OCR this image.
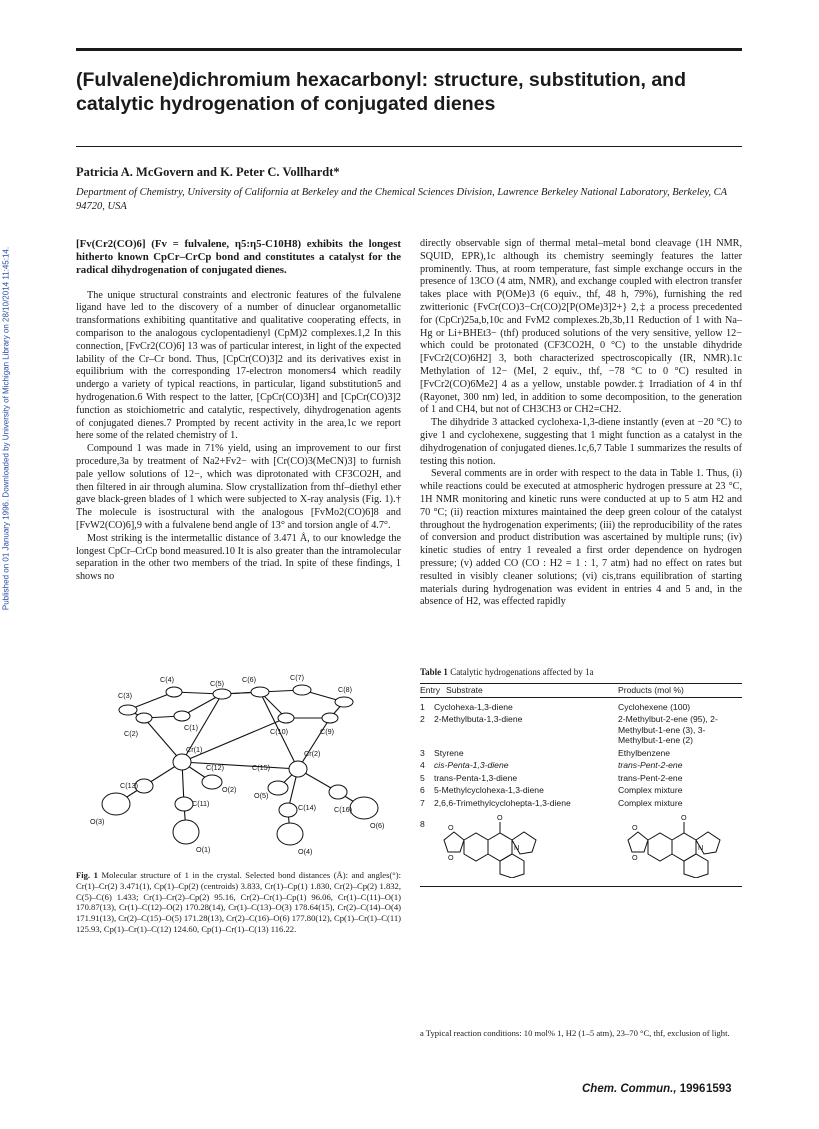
(Fulvalene)dichromium hexacarbonyl: structure, substitution, and catalytic hydrogenation of conjugated dienes
Patricia A. McGovern and K. Peter C. Vollhardt*
Department of Chemistry, University of California at Berkeley and the Chemical Sciences Division, Lawrence Berkeley National Laboratory, Berkeley, CA 94720, USA
Published on 01 January 1996. Downloaded by University of Michigan Library on 28/10/2014 11:45:14.

[Fv(Cr2(CO)6] (Fv = fulvalene, η5:η5-C10H8) exhibits the longest hitherto known CpCr–CrCp bond and constitutes a catalyst for the radical dihydrogenation of conjugated dienes.

The unique structural constraints and electronic features of the fulvalene ligand have led to the discovery of a number of dinuclear organometallic transformations exhibiting quantitative and qualitative cooperating effects, in comparison to the analogous cyclopentadienyl (CpM)2 complexes.1,2 In this connection, [FvCr2(CO)6] 13 was of particular interest, in light of the expected lability of the Cr–Cr bond. Thus, [CpCr(CO)3]2 and its derivatives exist in equilibrium with the corresponding 17-electron monomers4 which readily undergo a variety of typical reactions, in particular, ligand substitution5 and hydrogenation.6 With respect to the latter, [CpCr(CO)3H] and [CpCr(CO)3]2 function as stoichiometric and catalytic, respectively, dihydrogenation agents of conjugated dienes.7 Prompted by recent activity in the area,1c we report here some of the related chemistry of 1.

Compound 1 was made in 71% yield, using an improvement to our first procedure,3a by treatment of Na2+Fv2− with [Cr(CO)3(MeCN)3] to furnish pale yellow solutions of 12−, which was diprotonated with CF3CO2H, and then filtered in air through alumina. Slow crystallization from thf–diethyl ether gave black-green blades of 1 which were subjected to X-ray analysis (Fig. 1).† The molecule is isostructural with the analogous [FvMo2(CO)6]8 and [FvW2(CO)6],9 with a fulvalene bend angle of 13° and torsion angle of 4.7°.

Most striking is the intermetallic distance of 3.471 Å, to our knowledge the longest CpCr–CrCp bond measured.10 It is also greater than the intramolecular separation in the other two members of the triad. In spite of these findings, 1 shows no

C(3)
C(4)	C(5)	C(6)	C(7)
C(8)
C(2)
C(1)	C(10)	C(9)
Cr(1)	Cr(2)
C(12)	C(15)
O(2)
O(5)
C(16)
C(13)
C(11)	C(14)
O(6)
O(3)
O(1)	O(4)
Fig. 1 Molecular structure of 1 in the crystal. Selected bond distances (Å): and angles(°): Cr(1)–Cr(2) 3.471(1), Cp(1)–Cp(2) (centroids) 3.833, Cr(1)–Cp(1) 1.830, Cr(2)–Cp(2) 1.832, C(5)–C(6) 1.433; Cr(1)–Cr(2)–Cp(2) 95.16, Cr(2)–Cr(1)–Cp(1) 96.06, Cr(1)–C(11)–O(1) 170.87(13), Cr(1)–C(12)–O(2) 170.28(14), Cr(1)–C(13)–O(3) 178.64(15), Cr(2)–C(14)–O(4) 171.91(13), Cr(2)–C(15)–O(5) 171.28(13), Cr(2)–C(16)–O(6) 177.80(12), Cp(1)–Cr(1)–C(11) 125.93, Cp(1)–Cr(1)–C(12) 124.60, Cp(1)–Cr(1)–C(13) 116.22.

directly observable sign of thermal metal–metal bond cleavage (1H NMR, SQUID, EPR),1c although its chemistry seemingly features the latter prominently. Thus, at room temperature, fast simple exchange occurs in the presence of 13CO (4 atm, NMR), and exchange coupled with electron transfer takes place with P(OMe)3 (6 equiv., thf, 48 h, 79%), furnishing the red zwitterionic {FvCr(CO)3−Cr(CO)2[P(OMe)3]2+} 2,‡ a process precedented for (CpCr)25a,b,10c and FvM2 complexes.2b,3b,11 Reduction of 1 with Na–Hg or Li+BHEt3− (thf) produced solutions of the very sensitive, yellow 12− which could be protonated (CF3CO2H, 0 °C) to the unstable dihydride [FvCr2(CO)6H2] 3, both characterized spectroscopically (IR, NMR).1c Methylation of 12− (MeI, 2 equiv., thf, −78 °C to 0 °C) resulted in [FvCr2(CO)6Me2] 4 as a yellow, unstable powder.‡ Irradiation of 4 in thf (Rayonet, 300 nm) led, in addition to some decomposition, to the generation of 1 and CH4, but not of CH3CH3 or CH2=CH2.

The dihydride 3 attacked cyclohexa-1,3-diene instantly (even at −20 °C) to give 1 and cyclohexene, suggesting that 1 might function as a catalyst in the dihydrogenation of conjugated dienes.1c,6,7 Table 1 summarizes the results of testing this notion.

Several comments are in order with respect to the data in Table 1. Thus, (i) while reactions could be executed at atmospheric hydrogen pressure at 23 °C, 1H NMR monitoring and kinetic runs were conducted at up to 5 atm H2 and 70 °C; (ii) reaction mixtures maintained the deep green colour of the catalyst throughout the hydrogenation experiments; (iii) the reproducibility of the rates of conversion and product distribution was ascertained by multiple runs; (iv) kinetic studies of entry 1 revealed a first order dependence on hydrogen pressure; (v) added CO (CO : H2 = 1 : 1, 7 atm) had no effect on rates but resulted in visibly cleaner solutions; (vi) cis,trans equilibration of starting materials during hydrogenation was evident in entries 4 and 5 and, in the absence of H2, was effected rapidly

Table 1 Catalytic hydrogenations affected by 1a
Entry	Substrate	Products (mol %)
1	Cyclohexa-1,3-diene	Cyclohexene (100)
2	2-Methylbuta-1,3-diene	2-Methylbut-2-ene (95), 2-Methylbut-1-ene (3), 3-Methylbut-1-ene (2)
3	Styrene	Ethylbenzene
4	cis-Penta-1,3-diene	trans-Pent-2-ene
5	trans-Penta-1,3-diene	trans-Pent-2-ene
6	5-Methylcyclohexa-1,3-diene	Complex mixture
7	2,6,6-Trimethylcyclohepta-1,3-diene	Complex mixture
8	O
O
O
N	O
O
O
N
a Typical reaction conditions: 10 mol% 1, H2 (1–5 atm), 23–70 °C, thf, exclusion of light.
Chem. Commun., 1996 1593
